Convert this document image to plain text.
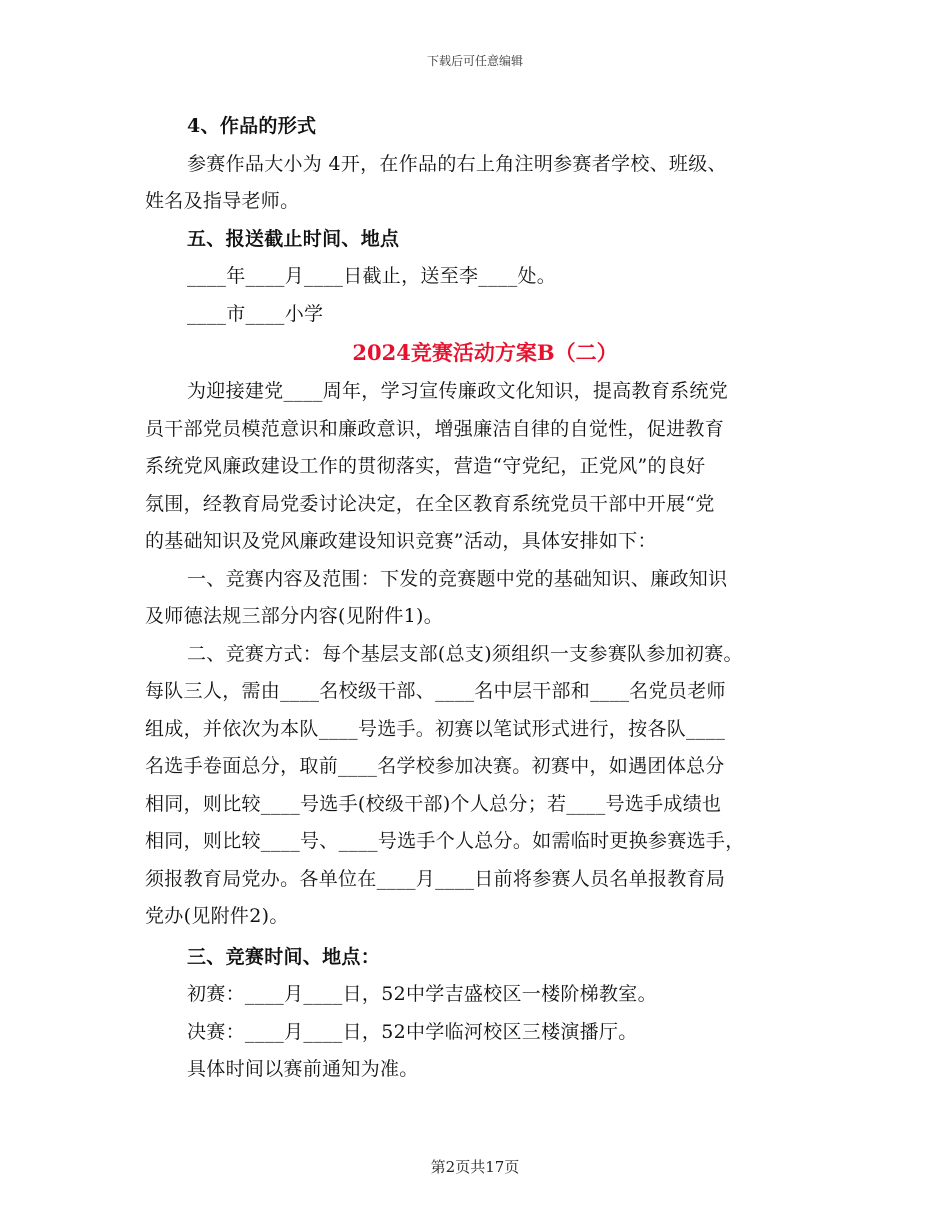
下载后可任意编辑
4、作品的形式
参赛作品大小为 4开，在作品的右上角注明参赛者学校、班级、
姓名及指导老师。
五、报送截止时间、地点
____年____月____日截止，送至李____处。
____市____小学
2024竞赛活动方案B（二）
为迎接建党____周年，学习宣传廉政文化知识，提高教育系统党
员干部党员模范意识和廉政意识，增强廉洁自律的自觉性，促进教育
系统党风廉政建设工作的贯彻落实，营造“守党纪，正党风”的良好
氛围，经教育局党委讨论决定，在全区教育系统党员干部中开展“党
的基础知识及党风廉政建设知识竞赛”活动，具体安排如下：
一、竞赛内容及范围：下发的竞赛题中党的基础知识、廉政知识
及师德法规三部分内容(见附件1)。
二、竞赛方式：每个基层支部(总支)须组织一支参赛队参加初赛。
每队三人，需由____名校级干部、____名中层干部和____名党员老师
组成，并依次为本队____号选手。初赛以笔试形式进行，按各队____
名选手卷面总分，取前____名学校参加决赛。初赛中，如遇团体总分
相同，则比较____号选手(校级干部)个人总分；若____号选手成绩也
相同，则比较____号、____号选手个人总分。如需临时更换参赛选手，
须报教育局党办。各单位在____月____日前将参赛人员名单报教育局
党办(见附件2)。
三、竞赛时间、地点：
初赛：____月____日，52中学吉盛校区一楼阶梯教室。
决赛：____月____日，52中学临河校区三楼演播厅。
具体时间以赛前通知为准。
第2页共17页
